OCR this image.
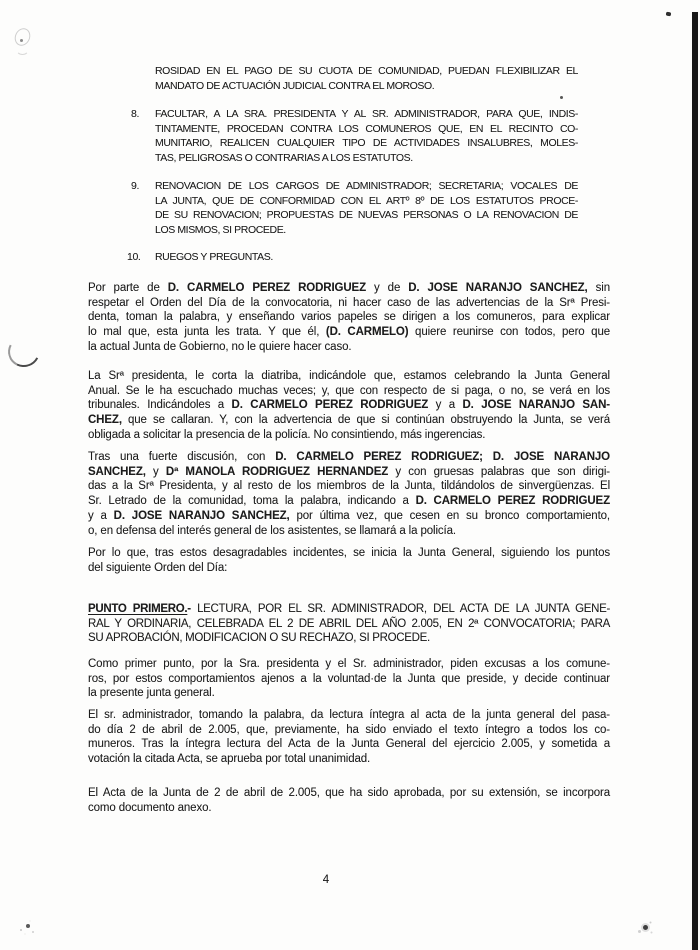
ROSIDAD EN EL PAGO DE SU CUOTA DE COMUNIDAD, PUEDAN FLEXIBILIZAR EL
MANDATO DE ACTUACIÓN JUDICIAL CONTRA EL MOROSO.
8. FACULTAR, A LA SRA. PRESIDENTA Y AL SR. ADMINISTRADOR, PARA QUE, INDIS-
TINTAMENTE, PROCEDAN CONTRA LOS COMUNEROS QUE, EN EL RECINTO CO-
MUNITARIO, REALICEN CUALQUIER TIPO DE ACTIVIDADES INSALUBRES, MOLES-
TAS, PELIGROSAS O CONTRARIAS A LOS ESTATUTOS.
9. RENOVACION DE LOS CARGOS DE ADMINISTRADOR; SECRETARIA; VOCALES DE
LA JUNTA, QUE DE CONFORMIDAD CON EL ARTº 8º DE LOS ESTATUTOS PROCE-
DE SU RENOVACION; PROPUESTAS DE NUEVAS PERSONAS O LA RENOVACION DE
LOS MISMOS, SI PROCEDE.
10. RUEGOS Y PREGUNTAS.
Por parte de D. CARMELO PEREZ RODRIGUEZ y de D. JOSE NARANJO SANCHEZ, sin
respetar el Orden del Día de la convocatoria, ni hacer caso de las advertencias de la Srª Presi-
denta, toman la palabra, y enseñando varios papeles se dirigen a los comuneros, para explicar
lo mal que, esta junta les trata. Y que él, (D. CARMELO) quiere reunirse con todos, pero que
la actual Junta de Gobierno, no le quiere hacer caso.
La Srª presidenta, le corta la diatriba, indicándole que, estamos celebrando la Junta General
Anual. Se le ha escuchado muchas veces; y, que con respecto de si paga, o no, se verá en los
tribunales. Indicándoles a D. CARMELO PEREZ RODRIGUEZ y a D. JOSE NARANJO SAN-
CHEZ, que se callaran. Y, con la advertencia de que si continúan obstruyendo la Junta, se verá
obligada a solicitar la presencia de la policía. No consintiendo, más ingerencias.
Tras una fuerte discusión, con D. CARMELO PEREZ RODRIGUEZ; D. JOSE NARANJO
SANCHEZ, y Dª MANOLA RODRIGUEZ HERNANDEZ y con gruesas palabras que son dirigi-
das a la Srª Presidenta, y al resto de los miembros de la Junta, tildándolos de sinvergüenzas. El
Sr. Letrado de la comunidad, toma la palabra, indicando a D. CARMELO PEREZ RODRIGUEZ
y a D. JOSE NARANJO SANCHEZ, por última vez, que cesen en su bronco comportamiento,
o, en defensa del interés general de los asistentes, se llamará a la policía.
Por lo que, tras estos desagradables incidentes, se inicia la Junta General, siguiendo los puntos
del siguiente Orden del Día:
PUNTO PRIMERO.- LECTURA, POR EL SR. ADMINISTRADOR, DEL ACTA DE LA JUNTA GENE-
RAL Y ORDINARIA, CELEBRADA EL 2 DE ABRIL DEL AÑO 2.005, EN 2ª CONVOCATORIA; PARA
SU APROBACIÓN, MODIFICACION O SU RECHAZO, SI PROCEDE.
Como primer punto, por la Sra. presidenta y el Sr. administrador, piden excusas a los comune-
ros, por estos comportamientos ajenos a la voluntad·de la Junta que preside, y decide continuar
la presente junta general.
El sr. administrador, tomando la palabra, da lectura íntegra al acta de la junta general del pasa-
do día 2 de abril de 2.005, que, previamente, ha sido enviado el texto íntegro a todos los co-
muneros. Tras la íntegra lectura del Acta de la Junta General del ejercicio 2.005, y sometida a
votación la citada Acta, se aprueba por total unanimidad.
El Acta de la Junta de 2 de abril de 2.005, que ha sido aprobada, por su extensión, se incorpora
como documento anexo.
4
